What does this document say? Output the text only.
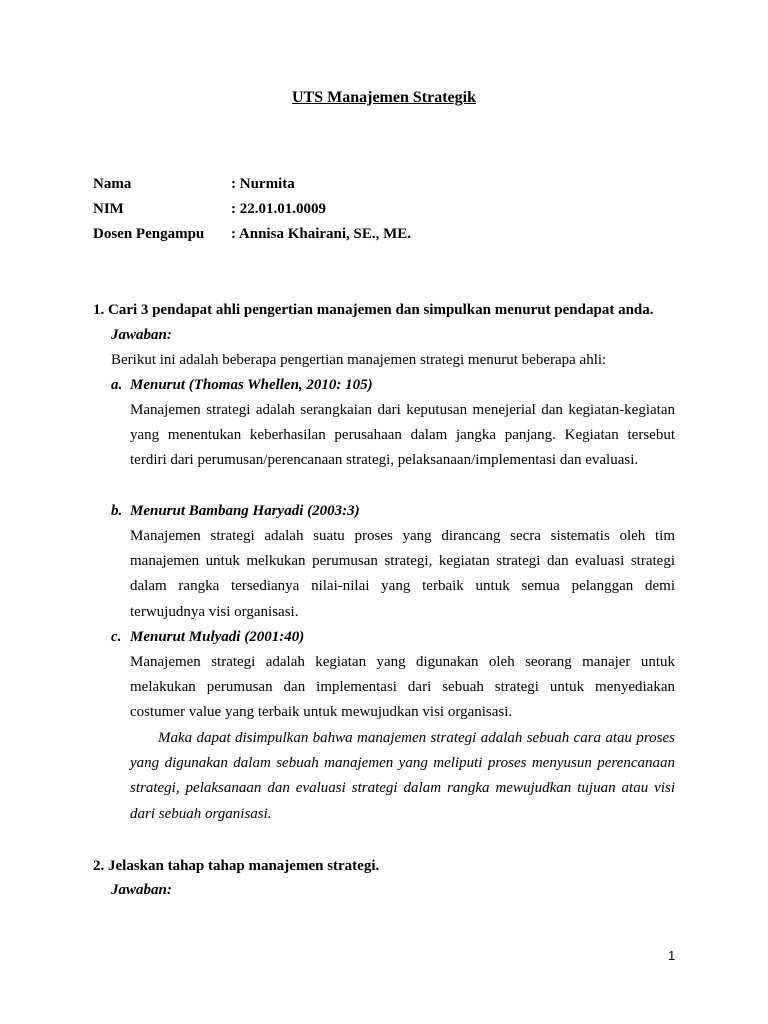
UTS Manajemen Strategik
Nama	: Nurmita
NIM	: 22.01.01.0009
Dosen Pengampu : Annisa Khairani, SE., ME.
1. Cari 3 pendapat ahli pengertian manajemen dan simpulkan menurut pendapat anda.
Jawaban:
Berikut ini adalah beberapa pengertian manajemen strategi menurut beberapa ahli:
a. Menurut (Thomas Whellen, 2010: 105)
Manajemen strategi adalah serangkaian dari keputusan menejerial dan kegiatan-kegiatan yang menentukan keberhasilan perusahaan dalam jangka panjang. Kegiatan tersebut terdiri dari perumusan/perencanaan strategi, pelaksanaan/implementasi dan evaluasi.
b. Menurut Bambang Haryadi (2003:3)
Manajemen strategi adalah suatu proses yang dirancang secra sistematis oleh tim manajemen untuk melkukan perumusan strategi, kegiatan strategi dan evaluasi strategi dalam rangka tersedianya nilai-nilai yang terbaik untuk semua pelanggan demi terwujudnya visi organisasi.
c. Menurut Mulyadi (2001:40)
Manajemen strategi adalah kegiatan yang digunakan oleh seorang manajer untuk melakukan perumusan dan implementasi dari sebuah strategi untuk menyediakan costumer value yang terbaik untuk mewujudkan visi organisasi.
Maka dapat disimpulkan bahwa manajemen strategi adalah sebuah cara atau proses yang digunakan dalam sebuah manajemen yang meliputi proses menyusun perencanaan strategi, pelaksanaan dan evaluasi strategi dalam rangka mewujudkan tujuan atau visi dari sebuah organisasi.
2. Jelaskan tahap tahap manajemen strategi.
Jawaban:
1
